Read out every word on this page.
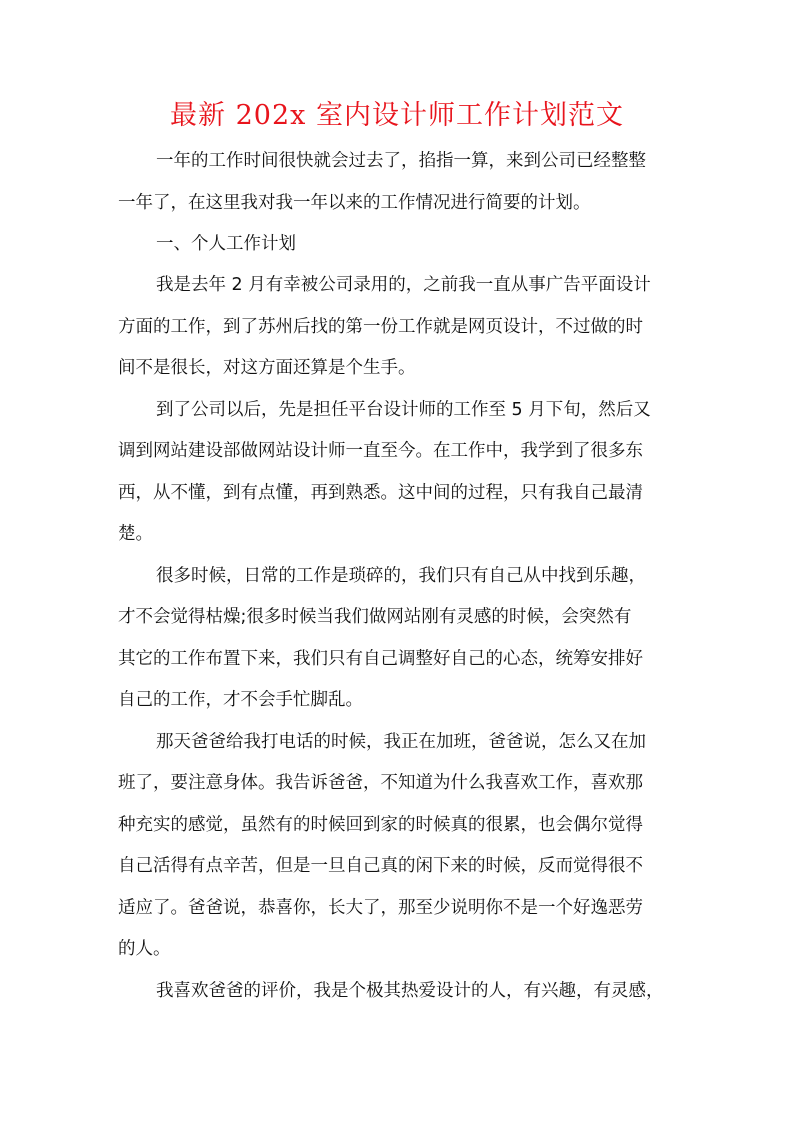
最新 202x 室内设计师工作计划范文
一年的工作时间很快就会过去了，掐指一算，来到公司已经整整
一年了，在这里我对我一年以来的工作情况进行简要的计划。
一、个人工作计划
我是去年 2 月有幸被公司录用的，之前我一直从事广告平面设计
方面的工作，到了苏州后找的第一份工作就是网页设计，不过做的时
间不是很长，对这方面还算是个生手。
到了公司以后，先是担任平台设计师的工作至 5 月下旬，然后又
调到网站建设部做网站设计师一直至今。在工作中，我学到了很多东
西，从不懂，到有点懂，再到熟悉。这中间的过程，只有我自己最清
楚。
很多时候，日常的工作是琐碎的，我们只有自己从中找到乐趣，
才不会觉得枯燥;很多时候当我们做网站刚有灵感的时候，会突然有
其它的工作布置下来，我们只有自己调整好自己的心态，统筹安排好
自己的工作，才不会手忙脚乱。
那天爸爸给我打电话的时候，我正在加班，爸爸说，怎么又在加
班了，要注意身体。我告诉爸爸，不知道为什么我喜欢工作，喜欢那
种充实的感觉，虽然有的时候回到家的时候真的很累，也会偶尔觉得
自己活得有点辛苦，但是一旦自己真的闲下来的时候，反而觉得很不
适应了。爸爸说，恭喜你，长大了，那至少说明你不是一个好逸恶劳
的人。
我喜欢爸爸的评价，我是个极其热爱设计的人，有兴趣，有灵感，
